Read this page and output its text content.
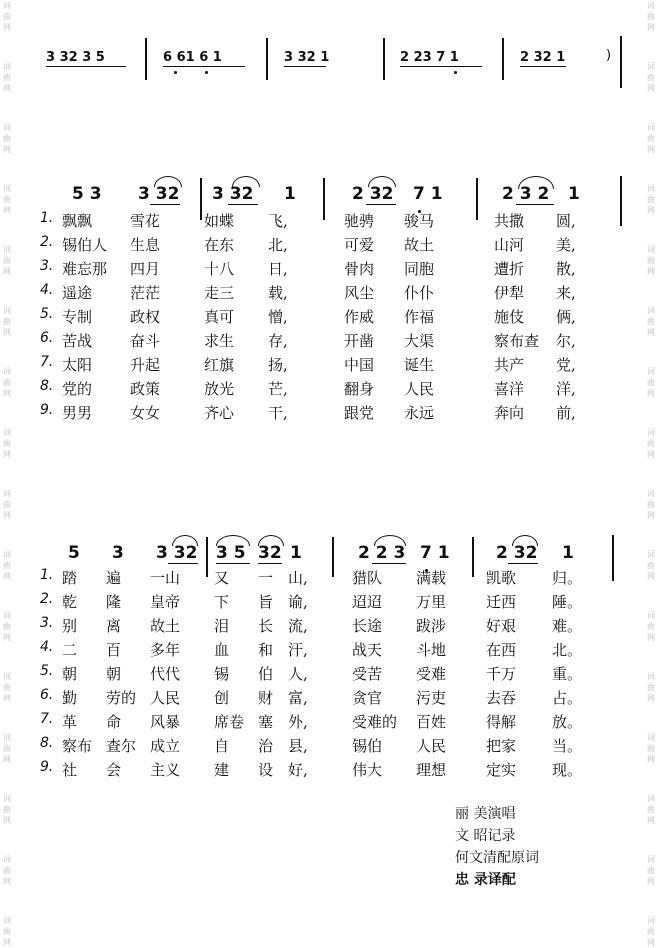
词曲网
词曲网
词曲网
词曲网
词曲网
词曲网
词曲网
词曲网
词曲网
词曲网
词曲网
词曲网
词曲网
词曲网
词曲网
词曲网
词曲网
词曲网
词曲网
词曲网
词曲网
词曲网
词曲网
词曲网
词曲网
词曲网
词曲网
词曲网
词曲网
词曲网
词曲网
词曲网
3 32 3 5	6 61 6 1	3 32 1	2 23 7 1	2 32 1	)
5 3 3 32 3 32 1	2 32 7 1	2 3 2 1
1. 飘飘	雪花	如蝶 飞,	驰骋 骏马	共撒 圆,
2. 锡伯人 生息	在东 北,	可爱 故土	山河 美,
3. 难忘那 四月	十八 日,	骨肉 同胞	遭折 散,
4. 遥途	茫茫	走三 载,	风尘 仆仆	伊犁 来,
5. 专制	政权	真可 憎,	作威 作福	施伎 俩,
6. 苦战	奋斗	求生 存,	开凿 大渠	察布查 尔,
7. 太阳	升起	红旗 扬,	中国 诞生	共产 党,
8. 党的	政策	放光 芒,	翻身 人民	喜洋 洋,
9. 男男	女女	齐心 干,	跟党 永远	奔向 前,
5 3 3 32 3 5 32 1	2 2 3 7 1	2 32 1
1. 踏 遍 一山 又 一 山,	猎队 满载	凯歌 归。
2. 乾 隆 皇帝 下 旨 谕,	迢迢 万里	迁西 陲。
3. 别 离 故土 泪 长 流,	长途 跋涉	好艰 难。
4. 二 百 多年 血 和 汗,	战天 斗地	在西 北。
5. 朝 朝 代代 锡 伯 人,	受苦 受难	千万 重。
6. 勤 劳的 人民 创 财 富,	贪官 污吏	去吞 占。
7. 革 命 风暴 席卷 塞 外,	受难的 百姓	得解 放。
8. 察布 查尔 成立 自 治 县,	锡伯 人民	把家 当。
9. 社 会 主义 建 设 好,	伟大 理想	定实 现。
丽 美演唱
文 昭记录
何文清配原词
忠 录译配
